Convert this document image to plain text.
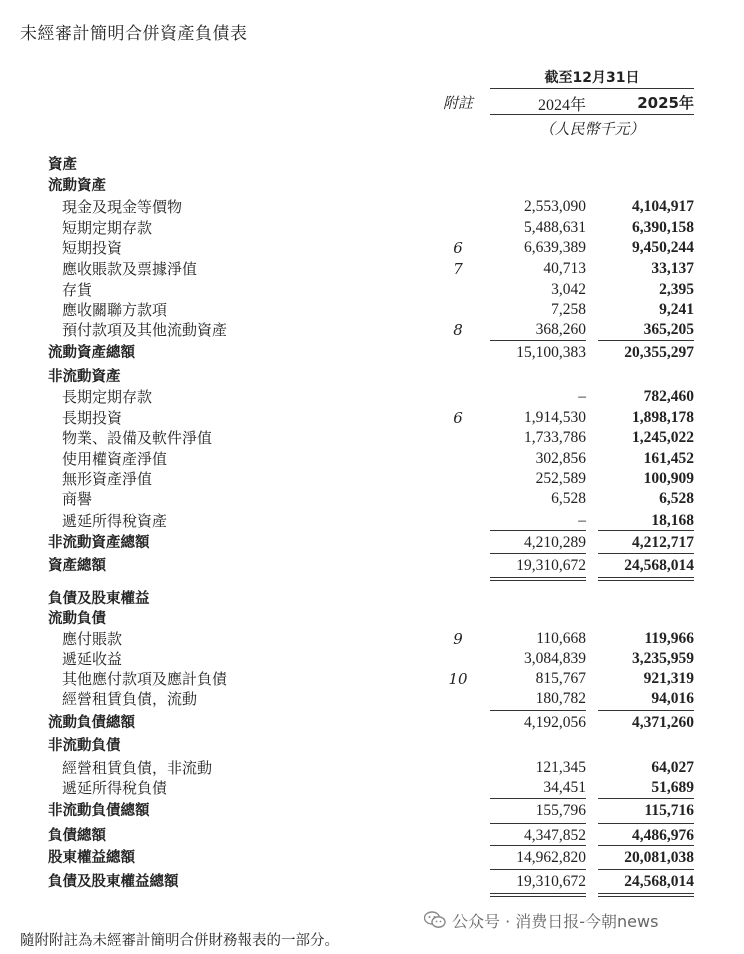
未經審計簡明合併資產負債表
截至12月31日
附註	2024年	2025年
（人民幣千元）
資產
流動資產
現金及現金等價物	2,553,090	4,104,917
短期定期存款	5,488,631	6,390,158
短期投資	6	6,639,389	9,450,244
應收賬款及票據淨值	7	40,713	33,137
存貨	3,042	2,395
應收關聯方款項	7,258	9,241
預付款項及其他流動資產	8	368,260	365,205
流動資產總額	15,100,383	20,355,297
非流動資產
長期定期存款	–	782,460
長期投資	6	1,914,530	1,898,178
物業、設備及軟件淨值	1,733,786	1,245,022
使用權資產淨值	302,856	161,452
無形資產淨值	252,589	100,909
商譽	6,528	6,528
遞延所得稅資產	–	18,168
非流動資產總額	4,210,289	4,212,717
資產總額	19,310,672	24,568,014
負債及股東權益
流動負債
應付賬款	9	110,668	119,966
遞延收益	3,084,839	3,235,959
其他應付款項及應計負債	10	815,767	921,319
經營租賃負債，流動	180,782	94,016
流動負債總額	4,192,056	4,371,260
非流動負債
經營租賃負債，非流動	121,345	64,027
遞延所得稅負債	34,451	51,689
非流動負債總額	155,796	115,716
負債總額	4,347,852	4,486,976
股東權益總額	14,962,820	20,081,038
負債及股東權益總額	19,310,672	24,568,014
隨附附註為未經審計簡明合併財務報表的一部分。
公众号 · 消费日报-今朝news
